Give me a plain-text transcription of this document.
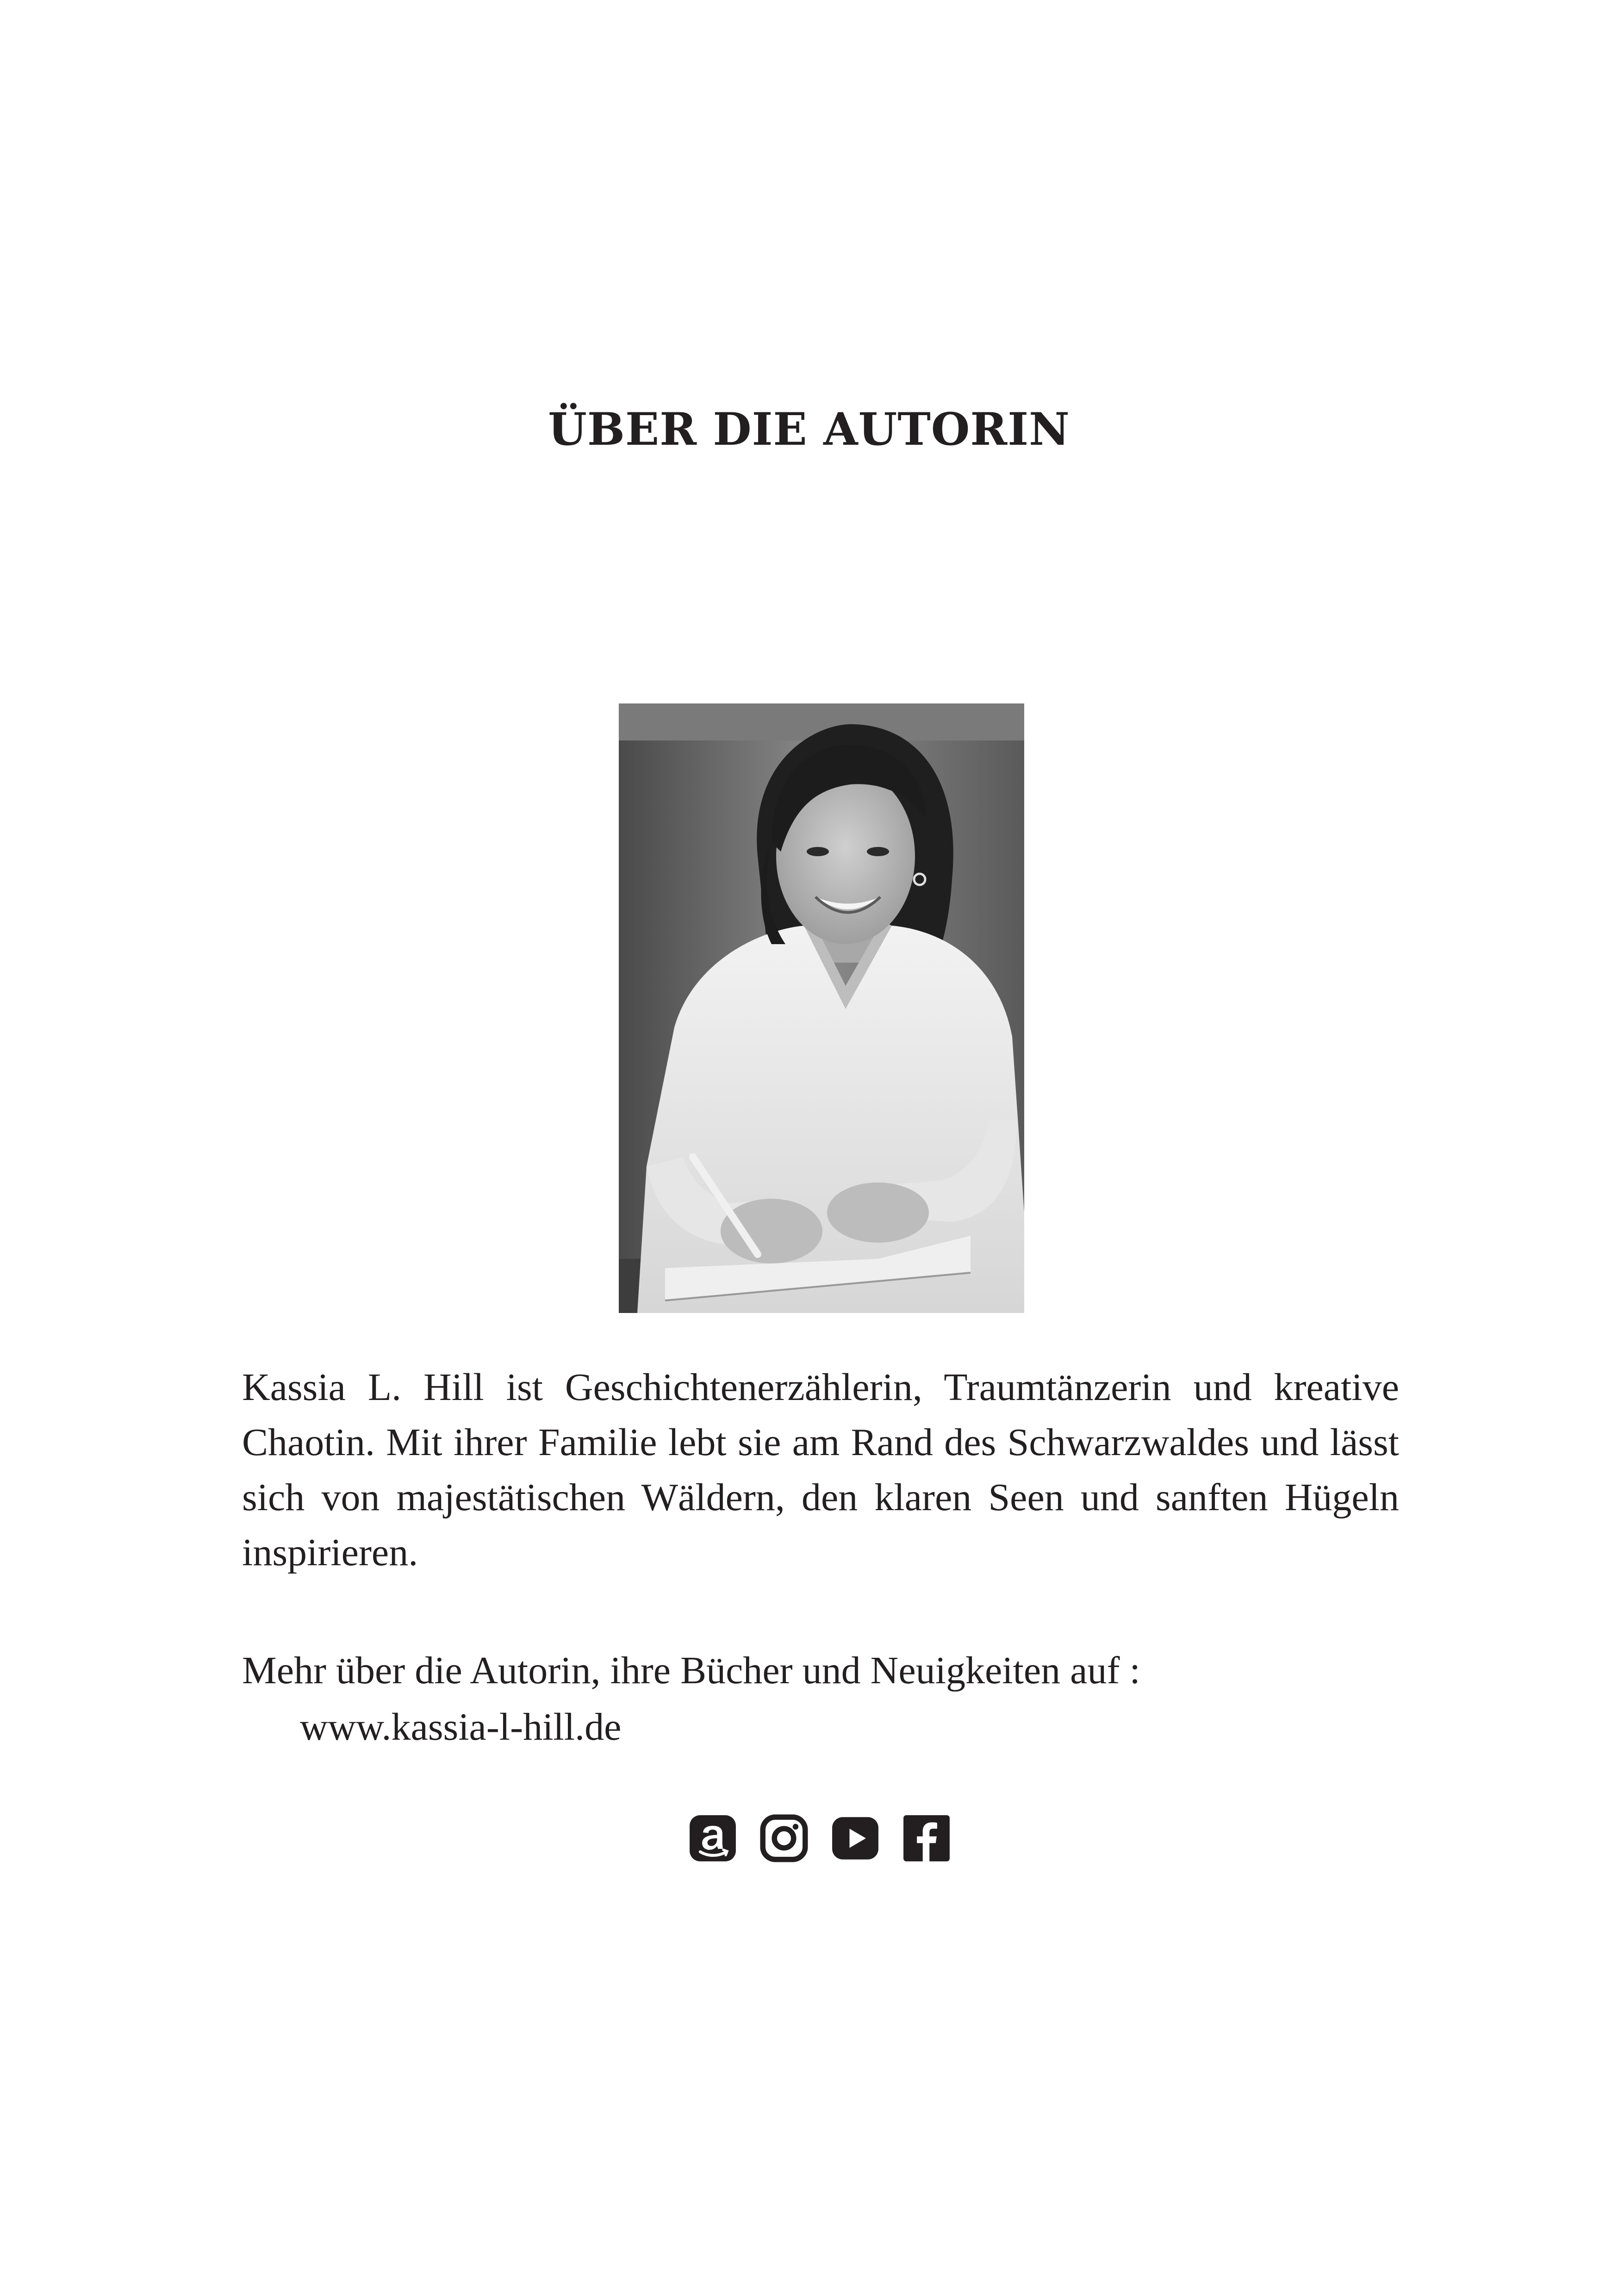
ÜBER DIE AUTORIN
Kassia L. Hill ist Geschichtenerzählerin, Traumtänzerin und kreative Chaotin. Mit ihrer Familie lebt sie am Rand des Schwarzwaldes und lässt sich von majestätischen Wäldern, den klaren Seen und sanften Hügeln inspirieren.
Mehr über die Autorin, ihre Bücher und Neuigkeiten auf :
www.kassia-l-hill.de
